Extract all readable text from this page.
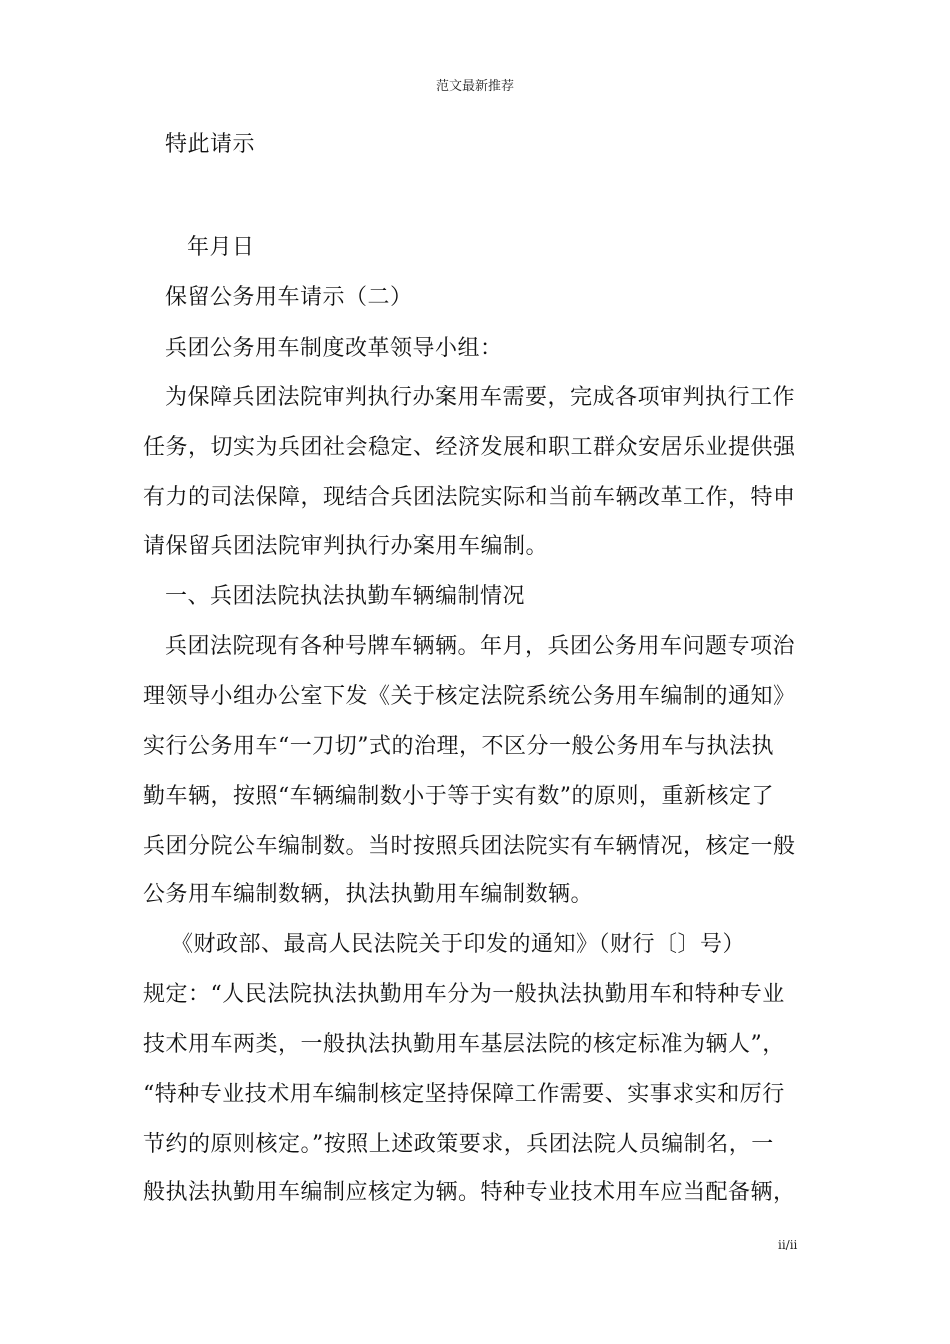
范文最新推荐
特此请示
年月日
保留公务用车请示（二）
兵团公务用车制度改革领导小组：
为保障兵团法院审判执行办案用车需要，完成各项审判执行工作
任务，切实为兵团社会稳定、经济发展和职工群众安居乐业提供强
有力的司法保障，现结合兵团法院实际和当前车辆改革工作，特申
请保留兵团法院审判执行办案用车编制。
一、兵团法院执法执勤车辆编制情况
兵团法院现有各种号牌车辆辆。年月，兵团公务用车问题专项治
理领导小组办公室下发《关于核定法院系统公务用车编制的通知》
实行公务用车“一刀切”式的治理，不区分一般公务用车与执法执
勤车辆，按照“车辆编制数小于等于实有数”的原则，重新核定了
兵团分院公车编制数。当时按照兵团法院实有车辆情况，核定一般
公务用车编制数辆，执法执勤用车编制数辆。
《财政部、最高人民法院关于印发的通知》（财行〔〕号）
规定：“人民法院执法执勤用车分为一般执法执勤用车和特种专业
技术用车两类，一般执法执勤用车基层法院的核定标准为辆人”，
“特种专业技术用车编制核定坚持保障工作需要、实事求实和厉行
节约的原则核定。”按照上述政策要求，兵团法院人员编制名，一
般执法执勤用车编制应核定为辆。特种专业技术用车应当配备辆，
ii/ii
